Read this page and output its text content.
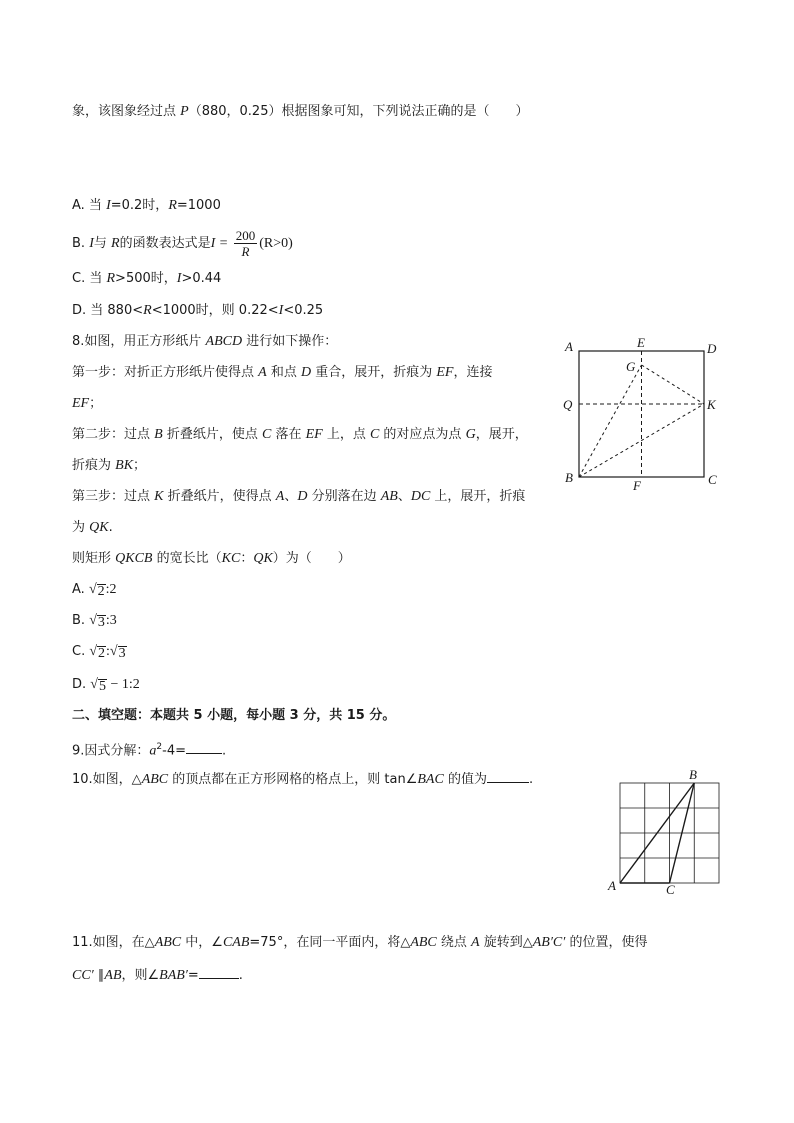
象，该图象经过点 P（880，0.25）根据图象可知，下列说法正确的是（　　）
A. 当 I=0.2时，R=1000
B. I与 R的函数表达式是$I = \frac{200}{R} (R>0)$
C. 当 R>500时，I>0.44
D. 当 880<R<1000时，则 0.22<I<0.25
8.如图，用正方形纸片 ABCD 进行如下操作：
第一步：对折正方形纸片使得点 A 和点 D 重合，展开，折痕为 EF，连接
EF；
第二步：过点 B 折叠纸片，使点 C 落在 EF 上，点 C 的对应点为点 G，展开，
折痕为 BK；
第三步：过点 K 折叠纸片，使得点 A、D 分别落在边 AB、DC 上，展开，折痕
为 QK.
则矩形 QKCB 的宽长比（KC：QK）为（　　）
A. √ 2 :2
B. √ 3 :3
C. √ 2 : √ 3
D. √ 5 − 1:2
A	E	D
G
Q	K
B
F	C
二、填空题：本题共 5 小题，每小题 3 分，共 15 分。
9.因式分解：$a^2-4=$	.
10.如图，△ABC 的顶点都在正方形网格的格点上，则 tan∠BAC 的值为	.	B
A	C
11.如图，在△ABC 中，∠CAB=75°，在同一平面内，将△ABC 绕点 A 旋转到△AB′C′ 的位置，使得
CC′ ∥AB，则∠BAB′=	.
